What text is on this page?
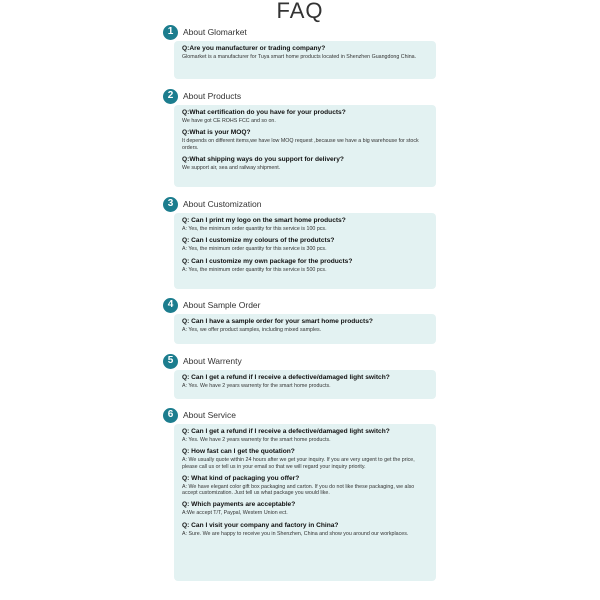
FAQ
1	About Glomarket
Q:Are you manufacturer or trading company?
Glomarket is a manufacturer for Tuya smart home products located in Shenzhen Guangdong China.
2	About Products
Q:What certification do you have for your products?
We have got CE ROHS FCC and so on.
Q:What is your MOQ?
It depends on different items,we have low MOQ request ,because we have a big warehouse for stock orders.
Q:What shipping ways do you support for delivery?
We support air, sea and railway shipment.
3	About Customization
Q: Can I print my logo on the smart home products?
A: Yes, the minimum order quantity for this service is 100 pcs.
Q: Can I customize my colours of the produtcts?
A: Yes, the minimum order quantity for this service is 300 pcs.
Q: Can I customize my own package for the products?
A: Yes, the minimum order quantity for this service is 500 pcs.
4	About Sample Order
Q: Can I have a sample order for your smart home products?
A: Yes, we offer product samples, including mixed samples.
5	About Warrenty
Q: Can I get a refund if I receive a defective/damaged light switch?
A: Yes. We have 2 years warrenty for the smart home products.
6	About Service
Q: Can I get a refund if I receive a defective/damaged light switch?
A: Yes. We have 2 years warrenty for the smart home products.
Q: How fast can I get the quotation?
A: We usually quote within 24 hours after we get your inquiry. If you are very urgent to get the price, please call us or tell us in your email so that we will regard your inquiry priority.
Q: What kind of packaging you offer?
A: We have elegant color gift box packaging and carton. If you do not like these packaging, we also accept customization. Just tell us what package you would like.
Q: Which payments are acceptable?
A:We accept T/T, Paypal, Western Union ect.
Q: Can I visit your company and factory in China?
A: Sure. We are happy to receive you in Shenzhen, China and show you around our workplaces.
